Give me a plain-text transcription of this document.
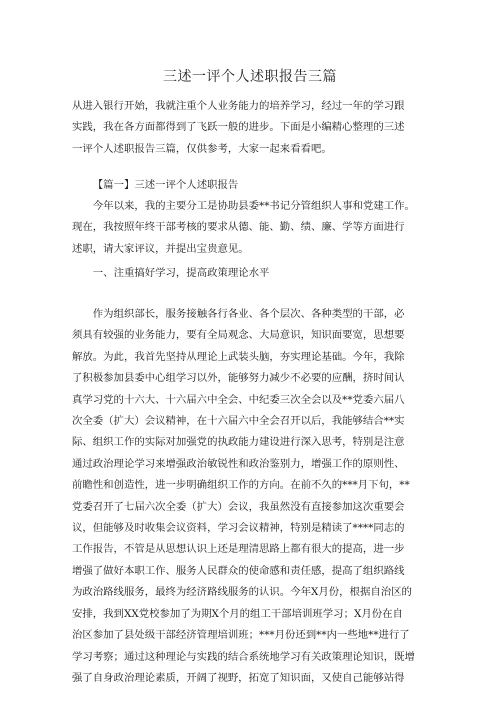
三述一评个人述职报告三篇

从进入银行开始，我就注重个人业务能力的培养学习，经过一年的学习跟

实践，我在各方面都得到了飞跃一般的进步。下面是小编精心整理的三述

一评个人述职报告三篇，仅供参考，大家一起来看看吧。

【篇一】三述一评个人述职报告

今年以来，我的主要分工是协助县委**书记分管组织人事和党建工作。

现在，我按照年终干部考核的要求从德、能、勤、绩、廉、学等方面进行

述职，请大家评议，并提出宝贵意见。

一、注重搞好学习，提高政策理论水平

作为组织部长，服务接触各行各业、各个层次、各种类型的干部，必

须具有较强的业务能力，要有全局观念、大局意识，知识面要宽，思想要

解放。为此，我首先坚持从理论上武装头脑，夯实理论基础。今年，我除

了积极参加县委中心组学习以外，能够努力减少不必要的应酬，挤时间认

真学习党的十六大、十六届六中全会、中纪委三次全会以及**党委六届八

次全委（扩大）会议精神，在十六届六中全会召开以后，我能够结合**实

际、组织工作的实际对加强党的执政能力建设进行深入思考，特别是注意

通过政治理论学习来增强政治敏锐性和政治鉴别力，增强工作的原则性、

前瞻性和创造性，进一步明确组织工作的方向。在前不久的***月下旬，**

党委召开了七届六次全委（扩大）会议，我虽然没有直接参加这次重要会

议，但能够及时收集会议资料，学习会议精神，特别是精读了****同志的

工作报告，不管是从思想认识上还是理清思路上都有很大的提高，进一步

增强了做好本职工作、服务人民群众的使命感和责任感，提高了组织路线

为政治路线服务，最终为经济路线服务的认识。今年X月份，根据自治区的

安排，我到XX党校参加了为期X个月的组工干部培训班学习；X月份在自

治区参加了县处级干部经济管理培训班；***月份还到**内一些地**进行了

学习考察；通过这种理论与实践的结合系统地学习有关政策理论知识，既增

强了自身政治理论素质，开阔了视野，拓宽了知识面，又使自己能够站得
